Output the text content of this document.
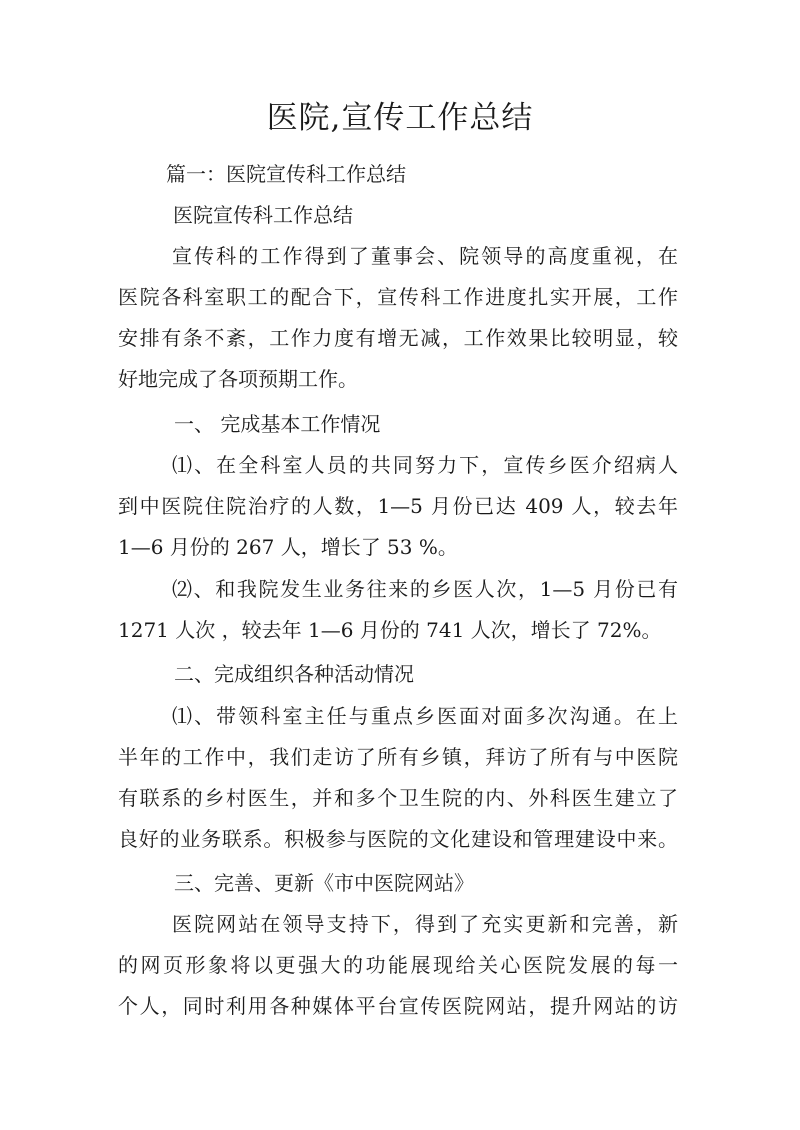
医院,宣传工作总结
篇一：医院宣传科工作总结
医院宣传科工作总结
宣传科的工作得到了董事会、院领导的高度重视，在
医院各科室职工的配合下，宣传科工作进度扎实开展，工作
安排有条不紊，工作力度有增无减，工作效果比较明显，较
好地完成了各项预期工作。
一、 完成基本工作情况
⑴、在全科室人员的共同努力下，宣传乡医介绍病人
到中医院住院治疗的人数，1—5 月份已达 409 人，较去年
1—6 月份的 267 人，增长了 53 %。
⑵、和我院发生业务往来的乡医人次，1—5 月份已有
1271 人次 ，较去年 1—6 月份的 741 人次，增长了 72%。
二、完成组织各种活动情况
⑴、带领科室主任与重点乡医面对面多次沟通。在上
半年的工作中，我们走访了所有乡镇，拜访了所有与中医院
有联系的乡村医生，并和多个卫生院的内、外科医生建立了
良好的业务联系。积极参与医院的文化建设和管理建设中来。
三、完善、更新《市中医院网站》
医院网站在领导支持下，得到了充实更新和完善，新
的网页形象将以更强大的功能展现给关心医院发展的每一
个人，同时利用各种媒体平台宣传医院网站，提升网站的访
